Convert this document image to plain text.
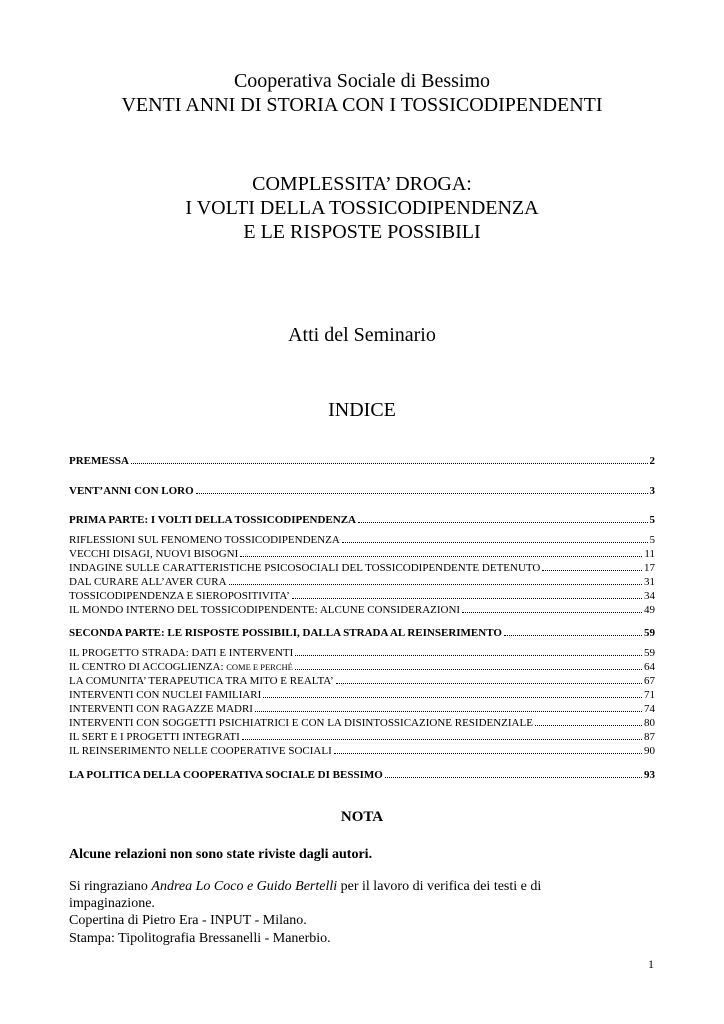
Cooperativa Sociale di Bessimo
VENTI ANNI DI STORIA CON I TOSSICODIPENDENTI
COMPLESSITA’ DROGA:
I VOLTI DELLA TOSSICODIPENDENZA
E LE RISPOSTE POSSIBILI
Atti del Seminario
INDICE
PREMESSA	2
VENT’ANNI CON LORO	3
PRIMA PARTE: I VOLTI DELLA TOSSICODIPENDENZA	5
RIFLESSIONI SUL FENOMENO TOSSICODIPENDENZA	5
VECCHI DISAGI, NUOVI BISOGNI	11
INDAGINE SULLE CARATTERISTICHE PSICOSOCIALI DEL TOSSICODIPENDENTE DETENUTO	17
DAL CURARE ALL’AVER CURA	31
TOSSICODIPENDENZA E SIEROPOSITIVITA’	34
IL MONDO INTERNO DEL TOSSICODIPENDENTE: ALCUNE CONSIDERAZIONI	49
SECONDA PARTE: LE RISPOSTE POSSIBILI, DALLA STRADA AL REINSERIMENTO	59
IL PROGETTO STRADA: DATI E INTERVENTI	59
IL CENTRO DI ACCOGLIENZA:
COME E PERCHÉ	64
LA COMUNITA’ TERAPEUTICA TRA MITO E REALTA’	67
INTERVENTI CON NUCLEI FAMILIARI	71
INTERVENTI CON RAGAZZE MADRI	74
INTERVENTI CON SOGGETTI PSICHIATRICI E CON LA DISINTOSSICAZIONE RESIDENZIALE	80
IL SERT E I PROGETTI INTEGRATI	87
IL REINSERIMENTO NELLE COOPERATIVE SOCIALI	90
LA POLITICA DELLA COOPERATIVA SOCIALE DI BESSIMO	93
NOTA
Alcune relazioni non sono state riviste dagli autori.
Si ringraziano Andrea Lo Coco e Guido Bertelli per il lavoro di verifica dei testi e di impaginazione.
Copertina di Pietro Era - INPUT - Milano.
Stampa: Tipolitografia Bressanelli - Manerbio.
1
